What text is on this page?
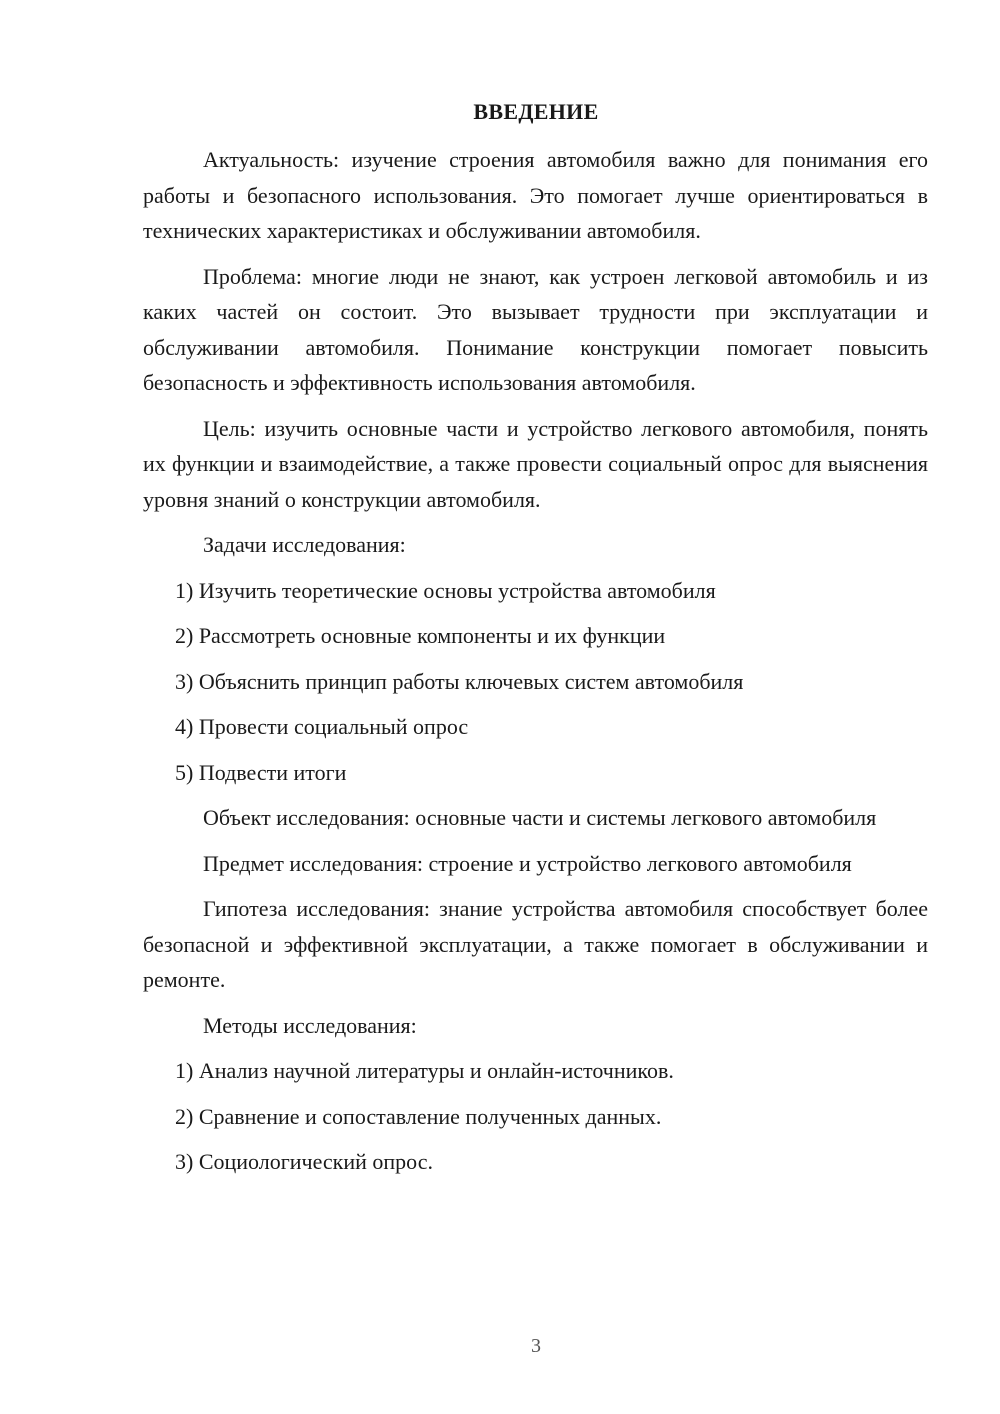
ВВЕДЕНИЕ

Актуальность: изучение строения автомобиля важно для понимания его работы и безопасного использования. Это помогает лучше ориентироваться в технических характеристиках и обслуживании автомобиля.

Проблема: многие люди не знают, как устроен легковой автомобиль и из каких частей он состоит. Это вызывает трудности при эксплуатации и обслуживании автомобиля. Понимание конструкции помогает повысить безопасность и эффективность использования автомобиля.

Цель: изучить основные части и устройство легкового автомобиля, понять их функции и взаимодействие, а также провести социальный опрос для выяснения уровня знаний о конструкции автомобиля.

Задачи исследования:

1) Изучить теоретические основы устройства автомобиля

2) Рассмотреть основные компоненты и их функции

3) Объяснить принцип работы ключевых систем автомобиля

4) Провести социальный опрос

5) Подвести итоги

Объект исследования: основные части и системы легкового автомобиля

Предмет исследования: строение и устройство легкового автомобиля

Гипотеза исследования: знание устройства автомобиля способствует более безопасной и эффективной эксплуатации, а также помогает в обслуживании и ремонте.

Методы исследования:

1) Анализ научной литературы и онлайн-источников.

2) Сравнение и сопоставление полученных данных.

3) Социологический опрос.

3
